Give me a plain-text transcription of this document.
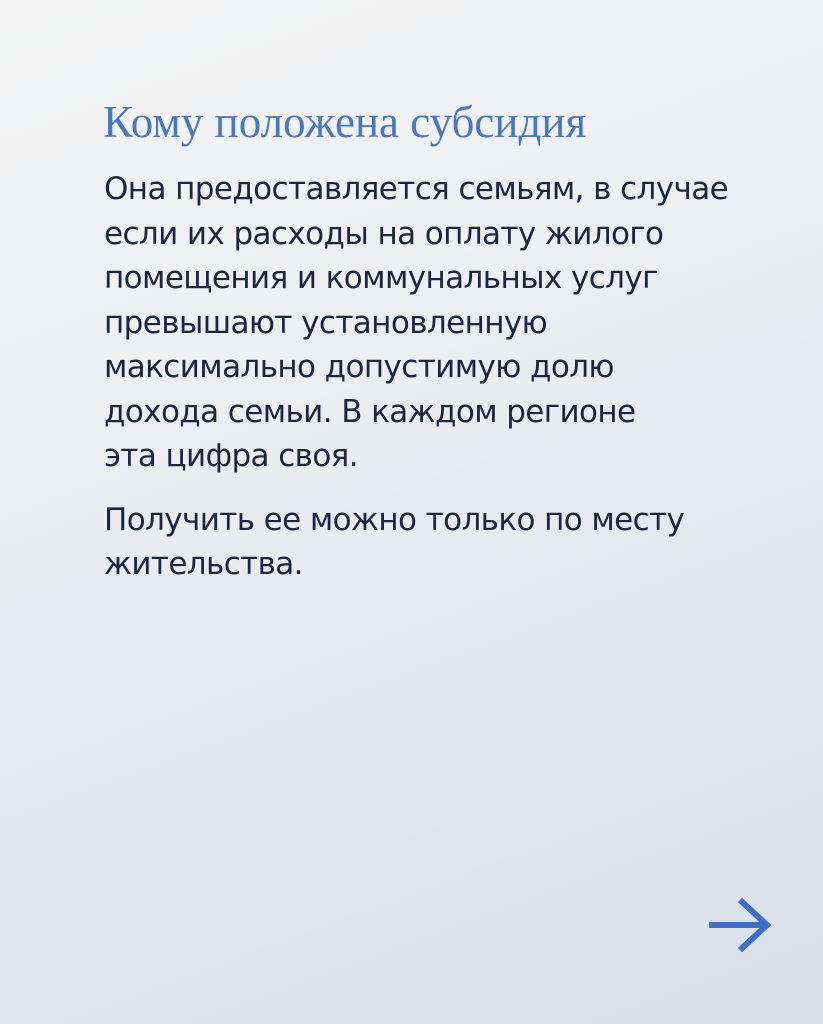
Кому положена субсидия

Она предоставляется семьям, в случае
если их расходы на оплату жилого
помещения и коммунальных услуг
превышают установленную
максимально допустимую долю
дохода семьи. В каждом регионе
эта цифра своя.

Получить ее можно только по месту
жительства.
